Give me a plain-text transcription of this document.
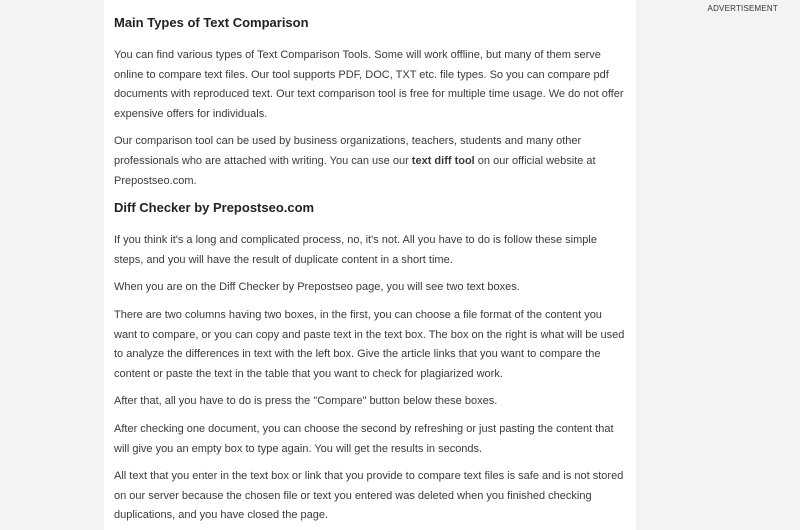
Main Types of Text Comparison

You can find various types of Text Comparison Tools. Some will work offline, but many of them serve online to compare text files. Our tool supports PDF, DOC, TXT etc. file types. So you can compare pdf documents with reproduced text. Our text comparison tool is free for multiple time usage. We do not offer expensive offers for individuals.

Our comparison tool can be used by business organizations, teachers, students and many other professionals who are attached with writing. You can use our text diff tool on our official website at Prepostseo.com.

Diff Checker by Prepostseo.com

If you think it's a long and complicated process, no, it's not. All you have to do is follow these simple steps, and you will have the result of duplicate content in a short time.

When you are on the Diff Checker by Prepostseo page, you will see two text boxes.

There are two columns having two boxes, in the first, you can choose a file format of the content you want to compare, or you can copy and paste text in the text box. The box on the right is what will be used to analyze the differences in text with the left box. Give the article links that you want to compare the content or paste the text in the table that you want to check for plagiarized work.

After that, all you have to do is press the "Compare" button below these boxes.

After checking one document, you can choose the second by refreshing or just pasting the content that will give you an empty box to type again. You will get the results in seconds.

All text that you enter in the text box or link that you provide to compare text files is safe and is not stored on our server because the chosen file or text you entered was deleted when you finished checking duplications, and you have closed the page.

ADVERTISEMENT
